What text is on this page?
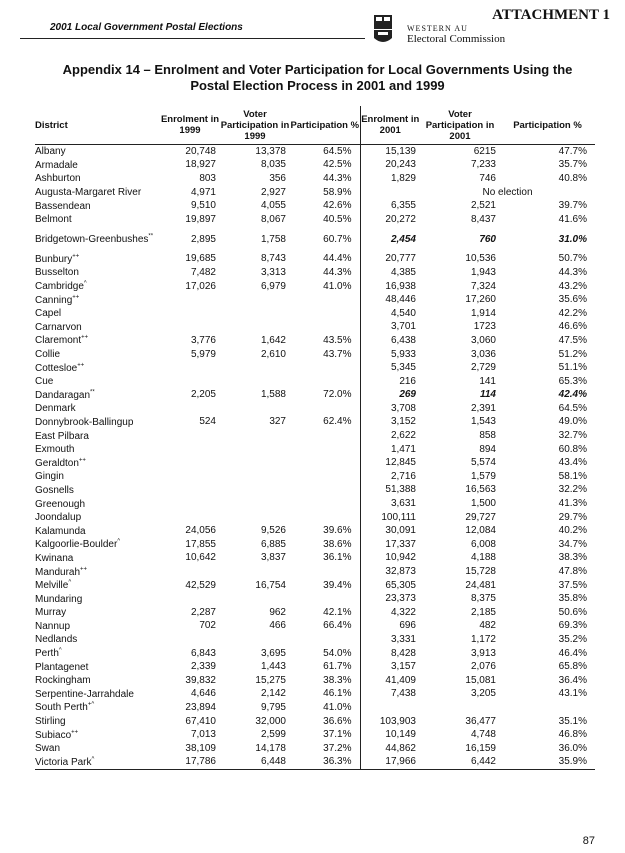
ATTACHMENT 1
2001 Local Government Postal Elections	WESTERN AU
Electoral Commission
Appendix 14 – Enrolment and Voter Participation for Local Governments Using the
Postal Election Process in 2001 and 1999
District	Enrolment in 1999	Voter Participation in 1999	Participation %	Enrolment in 2001	Voter Participation in 2001	Participation %
Albany	20,748	13,378	64.5%	15,139	6215	47.7%
Armadale	18,927	8,035	42.5%	20,243	7,233	35.7%
Ashburton	803	356	44.3%	1,829	746	40.8%
Augusta-Margaret River	4,971	2,927	58.9%		No election	
Bassendean	9,510	4,055	42.6%	6,355	2,521	39.7%
Belmont	19,897	8,067	40.5%	20,272	8,437	41.6%
Bridgetown-Greenbushes**	2,895	1,758	60.7%	2,454	760	31.0%
Bunbury++	19,685	8,743	44.4%	20,777	10,536	50.7%
Busselton	7,482	3,313	44.3%	4,385	1,943	44.3%
Cambridge^	17,026	6,979	41.0%	16,938	7,324	43.2%
Canning++				48,446	17,260	35.6%
Capel				4,540	1,914	42.2%
Carnarvon				3,701	1723	46.6%
Claremont++	3,776	1,642	43.5%	6,438	3,060	47.5%
Collie	5,979	2,610	43.7%	5,933	3,036	51.2%
Cottesloe++				5,345	2,729	51.1%
Cue				216	141	65.3%
Dandaragan**	2,205	1,588	72.0%	269	114	42.4%
Denmark				3,708	2,391	64.5%
Donnybrook-Ballingup	524	327	62.4%	3,152	1,543	49.0%
East Pilbara				2,622	858	32.7%
Exmouth				1,471	894	60.8%
Geraldton++				12,845	5,574	43.4%
Gingin				2,716	1,579	58.1%
Gosnells				51,388	16,563	32.2%
Greenough				3,631	1,500	41.3%
Joondalup				100,111	29,727	29.7%
Kalamunda	24,056	9,526	39.6%	30,091	12,084	40.2%
Kalgoorlie-Boulder^	17,855	6,885	38.6%	17,337	6,008	34.7%
Kwinana	10,642	3,837	36.1%	10,942	4,188	38.3%
Mandurah++				32,873	15,728	47.8%
Melville^	42,529	16,754	39.4%	65,305	24,481	37.5%
Mundaring				23,373	8,375	35.8%
Murray	2,287	962	42.1%	4,322	2,185	50.6%
Nannup	702	466	66.4%	696	482	69.3%
Nedlands				3,331	1,172	35.2%
Perth^	6,843	3,695	54.0%	8,428	3,913	46.4%
Plantagenet	2,339	1,443	61.7%	3,157	2,076	65.8%
Rockingham	39,832	15,275	38.3%	41,409	15,081	36.4%
Serpentine-Jarrahdale	4,646	2,142	46.1%	7,438	3,205	43.1%
South Perth+^	23,894	9,795	41.0%			
Stirling	67,410	32,000	36.6%	103,903	36,477	35.1%
Subiaco++	7,013	2,599	37.1%	10,149	4,748	46.8%
Swan	38,109	14,178	37.2%	44,862	16,159	36.0%
Victoria Park^	17,786	6,448	36.3%	17,966	6,442	35.9%
87
